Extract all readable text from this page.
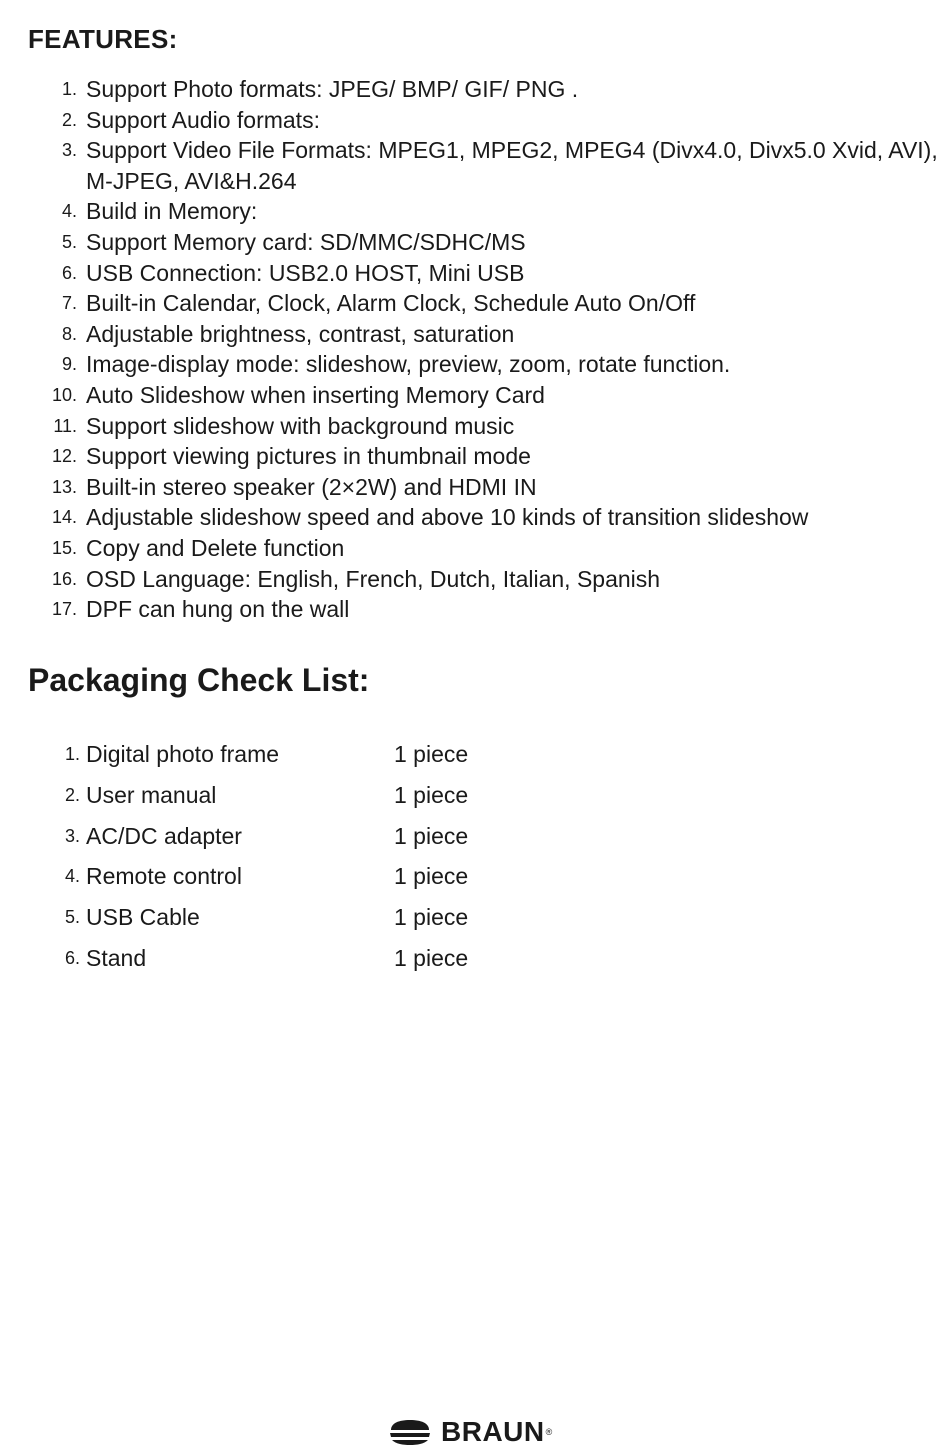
FEATURES:
1. Support Photo formats: JPEG/ BMP/ GIF/ PNG .
2. Support Audio formats:
3. Support Video File Formats: MPEG1, MPEG2, MPEG4 (Divx4.0, Divx5.0 Xvid, AVI), M-JPEG, AVI&H.264
4. Build in Memory:
5. Support Memory card: SD/MMC/SDHC/MS
6. USB Connection: USB2.0 HOST, Mini USB
7. Built-in Calendar, Clock, Alarm Clock, Schedule Auto On/Off
8. Adjustable brightness, contrast, saturation
9. Image-display mode: slideshow, preview, zoom, rotate function.
10. Auto Slideshow when inserting Memory Card
11. Support slideshow with background music
12. Support viewing pictures in thumbnail mode
13. Built-in stereo speaker (2×2W) and HDMI IN
14. Adjustable slideshow speed and above 10 kinds of transition slideshow
15. Copy and Delete function
16. OSD Language: English, French, Dutch, Italian, Spanish
17. DPF can hung on the wall
Packaging Check List:
1. Digital photo frame	1 piece
2. User manual	1 piece
3. AC/DC adapter	1 piece
4. Remote control	1 piece
5. USB Cable	1 piece
6. Stand	1 piece
BRAUN ®
